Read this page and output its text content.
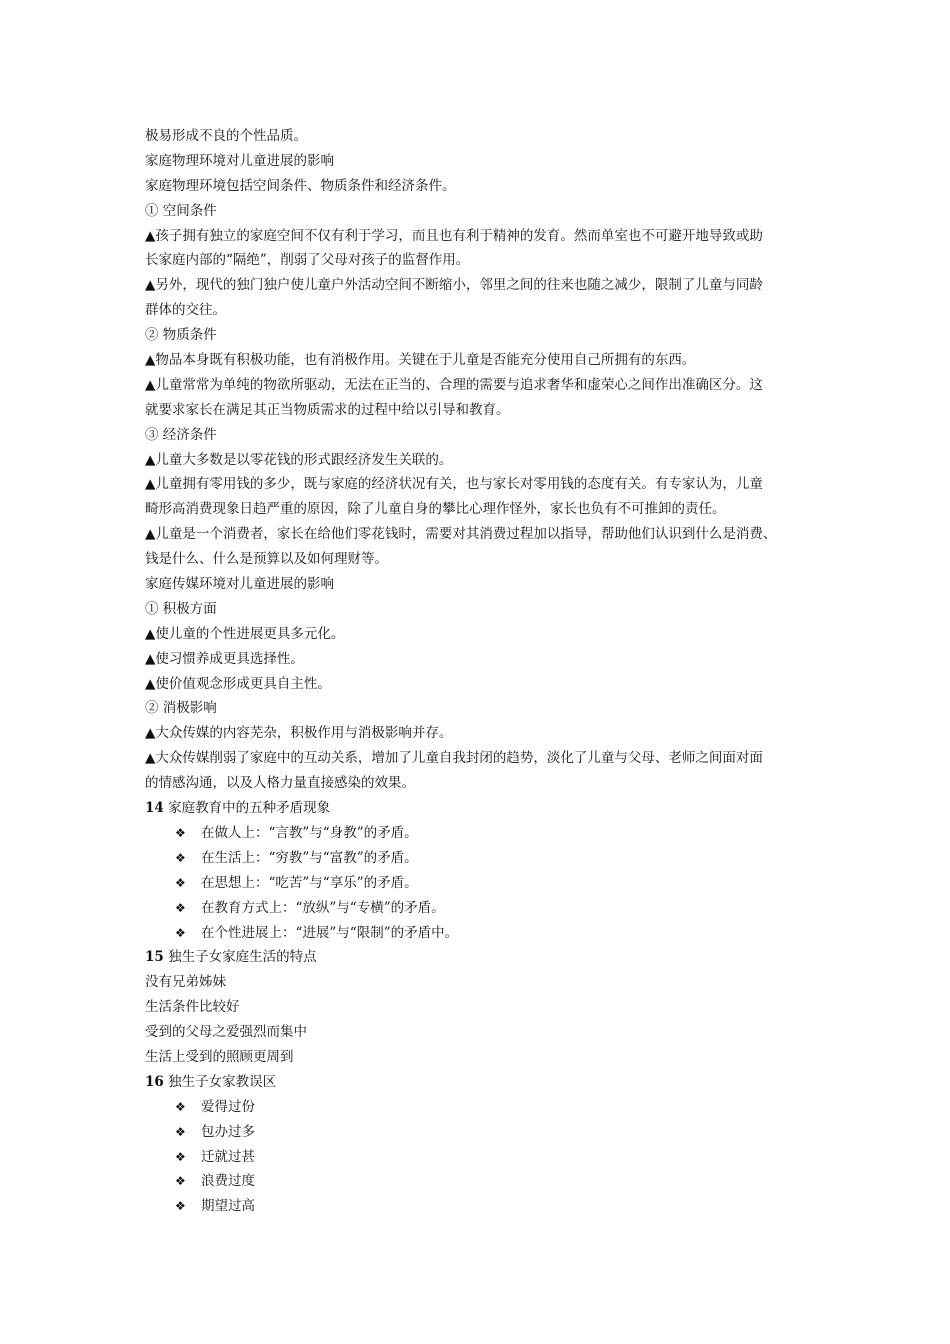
极易形成不良的个性品质。
家庭物理环境对儿童进展的影响
家庭物理环境包括空间条件、物质条件和经济条件。
① 空间条件
▲孩子拥有独立的家庭空间不仅有利于学习，而且也有利于精神的发育。然而单室也不可避开地导致或助
长家庭内部的“隔绝”，削弱了父母对孩子的监督作用。
▲另外，现代的独门独户使儿童户外活动空间不断缩小，邻里之间的往来也随之减少，限制了儿童与同龄
群体的交往。
② 物质条件
▲物品本身既有积极功能，也有消极作用。关键在于儿童是否能充分使用自己所拥有的东西。
▲儿童常常为单纯的物欲所驱动，无法在正当的、合理的需要与追求奢华和虚荣心之间作出准确区分。这
就要求家长在满足其正当物质需求的过程中给以引导和教育。
③ 经济条件
▲儿童大多数是以零花钱的形式跟经济发生关联的。
▲儿童拥有零用钱的多少，既与家庭的经济状况有关，也与家长对零用钱的态度有关。有专家认为，儿童
畸形高消费现象日趋严重的原因，除了儿童自身的攀比心理作怪外，家长也负有不可推卸的责任。
▲儿童是一个消费者，家长在给他们零花钱时，需要对其消费过程加以指导，帮助他们认识到什么是消费、
钱是什么、什么是预算以及如何理财等。
家庭传媒环境对儿童进展的影响
① 积极方面
▲使儿童的个性进展更具多元化。
▲使习惯养成更具选择性。
▲使价值观念形成更具自主性。
② 消极影响
▲大众传媒的内容芜杂，积极作用与消极影响并存。
▲大众传媒削弱了家庭中的互动关系，增加了儿童自我封闭的趋势，淡化了儿童与父母、老师之间面对面
的情感沟通，以及人格力量直接感染的效果。
14 家庭教育中的五种矛盾现象
❖	在做人上：“言教”与“身教”的矛盾。
❖	在生活上：“穷教”与“富教”的矛盾。
❖	在思想上：“吃苦”与“享乐”的矛盾。
❖	在教育方式上：“放纵”与“专横”的矛盾。
❖	在个性进展上：“进展”与“限制”的矛盾中。
15 独生子女家庭生活的特点
没有兄弟姊妹
生活条件比较好
受到的父母之爱强烈而集中
生活上受到的照顾更周到
16 独生子女家教误区
❖	爱得过份
❖	包办过多
❖	迁就过甚
❖	浪费过度
❖	期望过高
